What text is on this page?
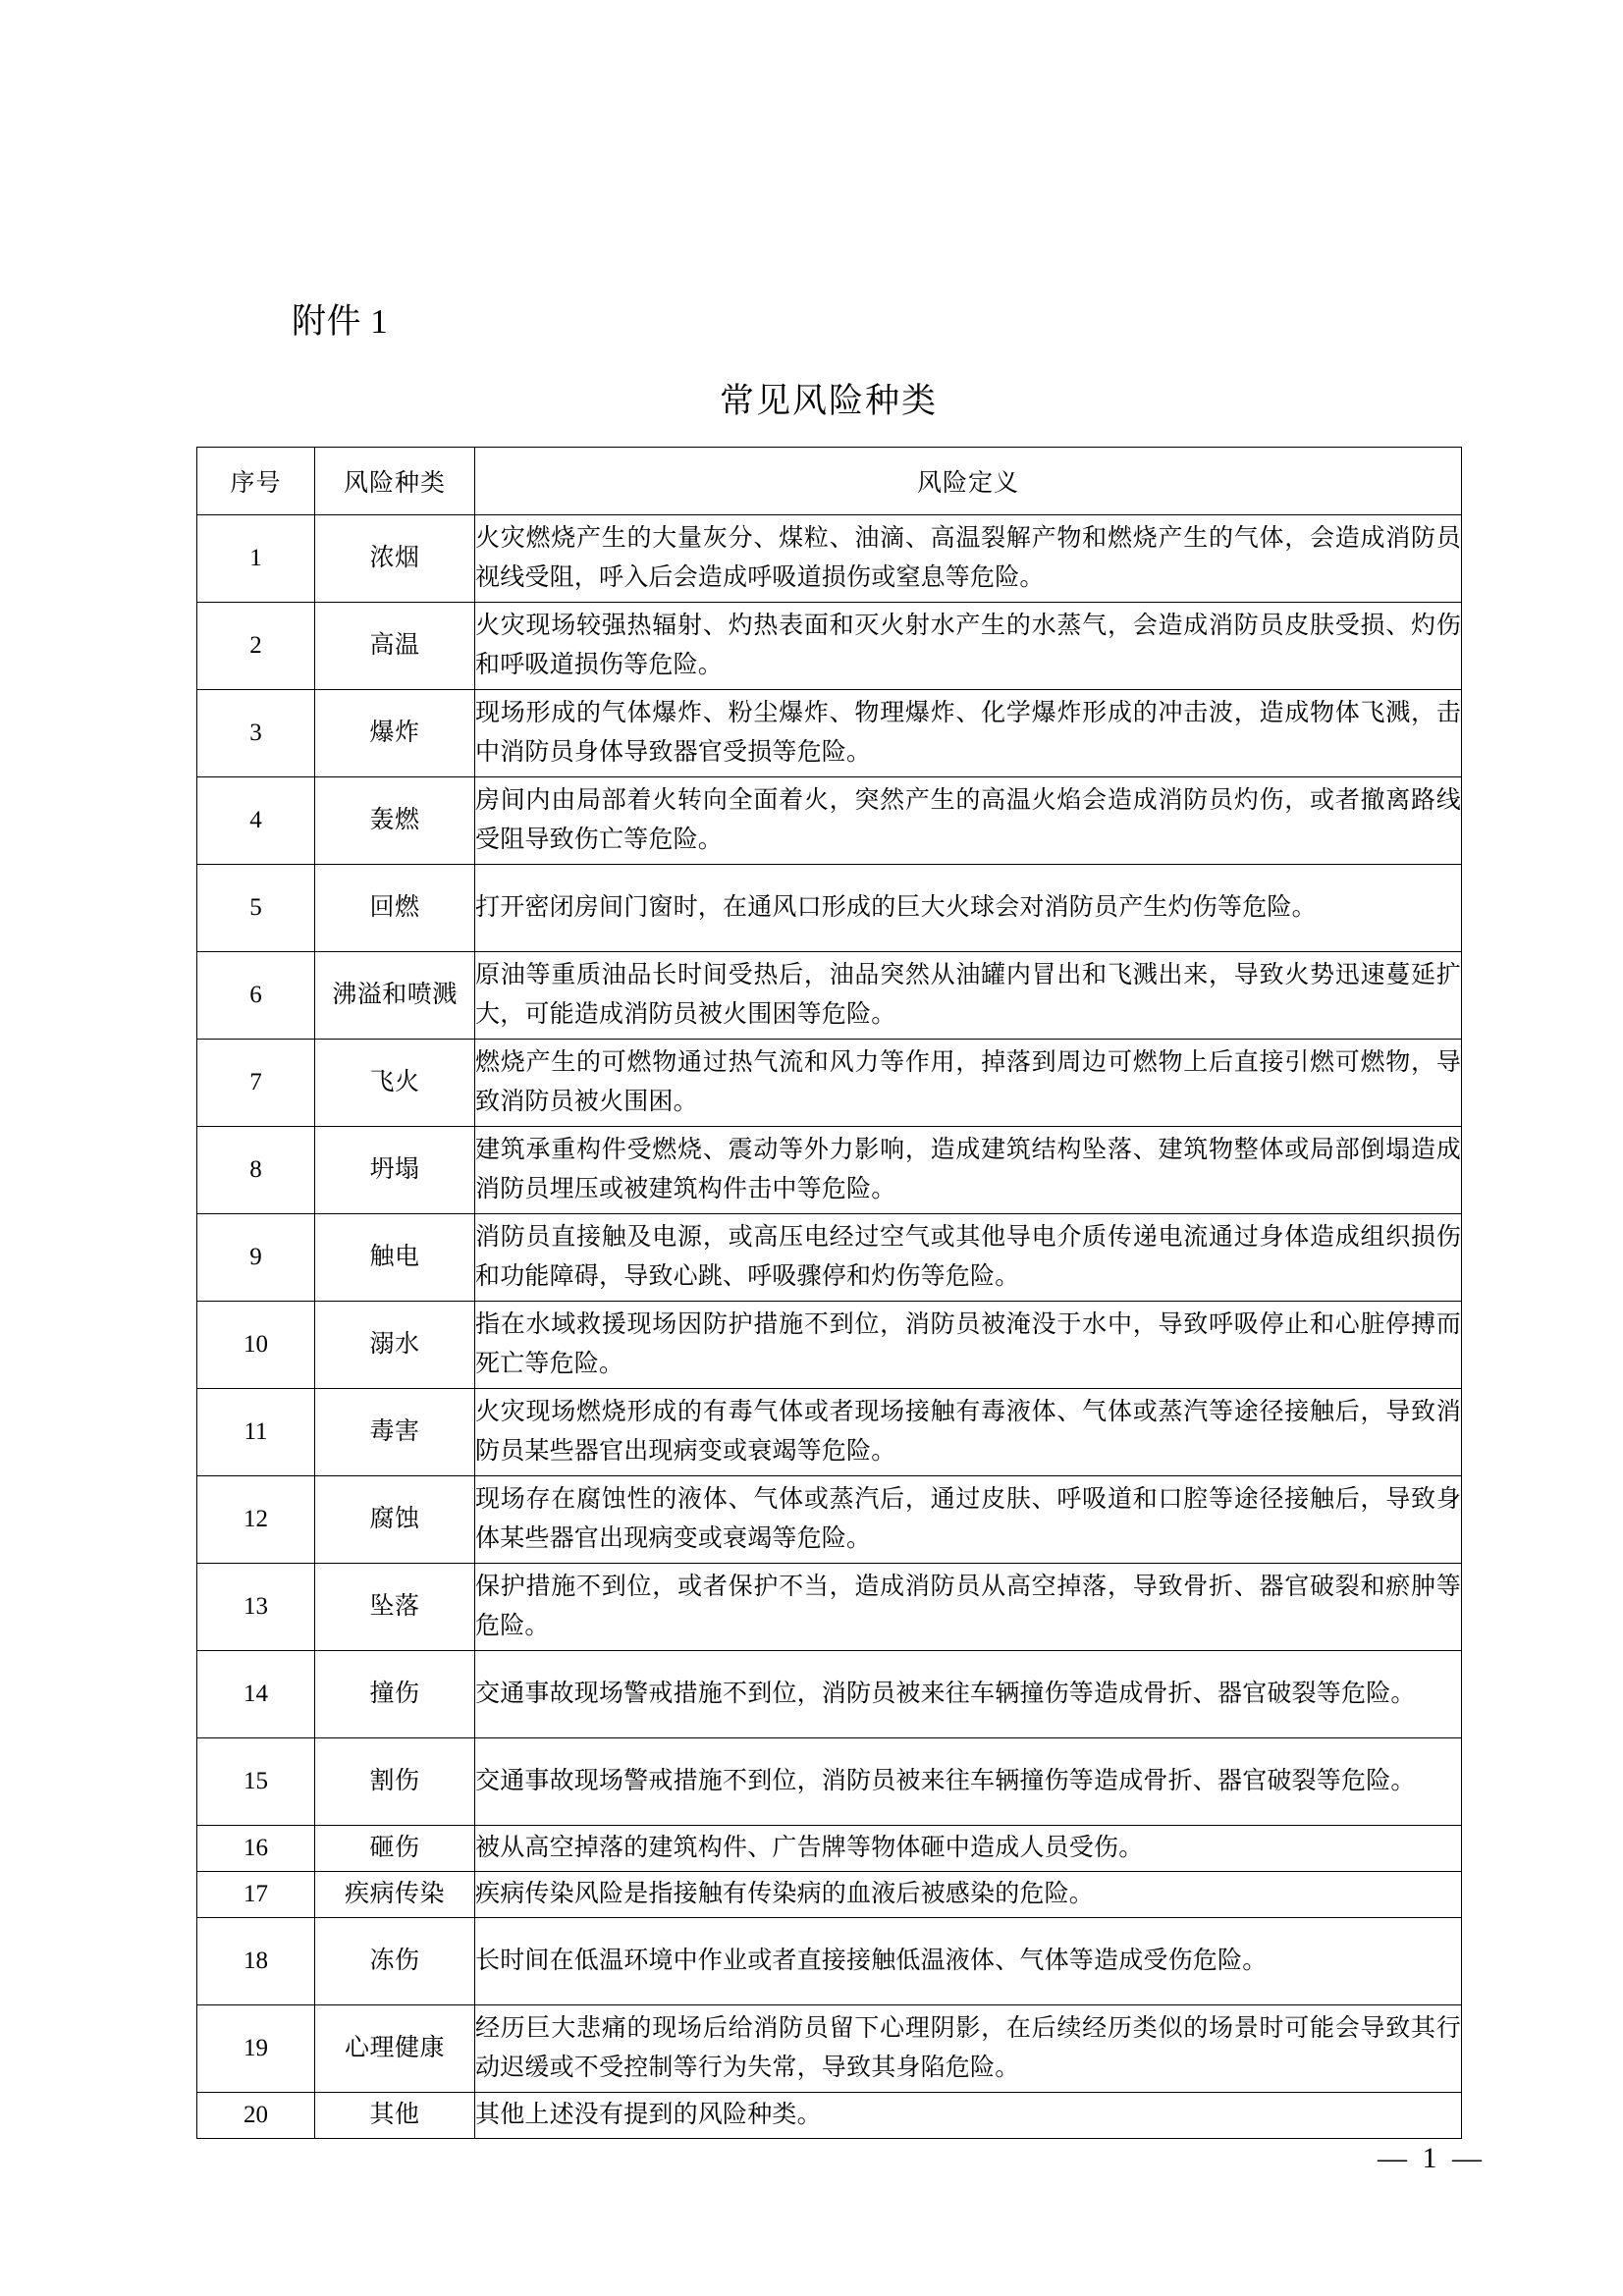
附件 1
常见风险种类
序号	风险种类	风险定义
1	浓烟	火灾燃烧产生的大量灰分、煤粒、油滴、高温裂解产物和燃烧产生的气体，会造成消防员视线受阻，呼入后会造成呼吸道损伤或窒息等危险。
2	高温	火灾现场较强热辐射、灼热表面和灭火射水产生的水蒸气，会造成消防员皮肤受损、灼伤和呼吸道损伤等危险。
3	爆炸	现场形成的气体爆炸、粉尘爆炸、物理爆炸、化学爆炸形成的冲击波，造成物体飞溅，击中消防员身体导致器官受损等危险。
4	轰燃	房间内由局部着火转向全面着火，突然产生的高温火焰会造成消防员灼伤，或者撤离路线受阻导致伤亡等危险。
5	回燃	打开密闭房间门窗时，在通风口形成的巨大火球会对消防员产生灼伤等危险。
6	沸溢和喷溅	原油等重质油品长时间受热后，油品突然从油罐内冒出和飞溅出来，导致火势迅速蔓延扩大，可能造成消防员被火围困等危险。
7	飞火	燃烧产生的可燃物通过热气流和风力等作用，掉落到周边可燃物上后直接引燃可燃物，导致消防员被火围困。
8	坍塌	建筑承重构件受燃烧、震动等外力影响，造成建筑结构坠落、建筑物整体或局部倒塌造成消防员埋压或被建筑构件击中等危险。
9	触电	消防员直接触及电源，或高压电经过空气或其他导电介质传递电流通过身体造成组织损伤和功能障碍，导致心跳、呼吸骤停和灼伤等危险。
10	溺水	指在水域救援现场因防护措施不到位，消防员被淹没于水中，导致呼吸停止和心脏停搏而死亡等危险。
11	毒害	火灾现场燃烧形成的有毒气体或者现场接触有毒液体、气体或蒸汽等途径接触后，导致消防员某些器官出现病变或衰竭等危险。
12	腐蚀	现场存在腐蚀性的液体、气体或蒸汽后，通过皮肤、呼吸道和口腔等途径接触后，导致身体某些器官出现病变或衰竭等危险。
13	坠落	保护措施不到位，或者保护不当，造成消防员从高空掉落，导致骨折、器官破裂和瘀肿等危险。
14	撞伤	交通事故现场警戒措施不到位，消防员被来往车辆撞伤等造成骨折、器官破裂等危险。
15	割伤	交通事故现场警戒措施不到位，消防员被来往车辆撞伤等造成骨折、器官破裂等危险。
16	砸伤	被从高空掉落的建筑构件、广告牌等物体砸中造成人员受伤。
17	疾病传染	疾病传染风险是指接触有传染病的血液后被感染的危险。
18	冻伤	长时间在低温环境中作业或者直接接触低温液体、气体等造成受伤危险。
19	心理健康	经历巨大悲痛的现场后给消防员留下心理阴影，在后续经历类似的场景时可能会导致其行动迟缓或不受控制等行为失常，导致其身陷危险。
20	其他	其他上述没有提到的风险种类。
— 1 —
